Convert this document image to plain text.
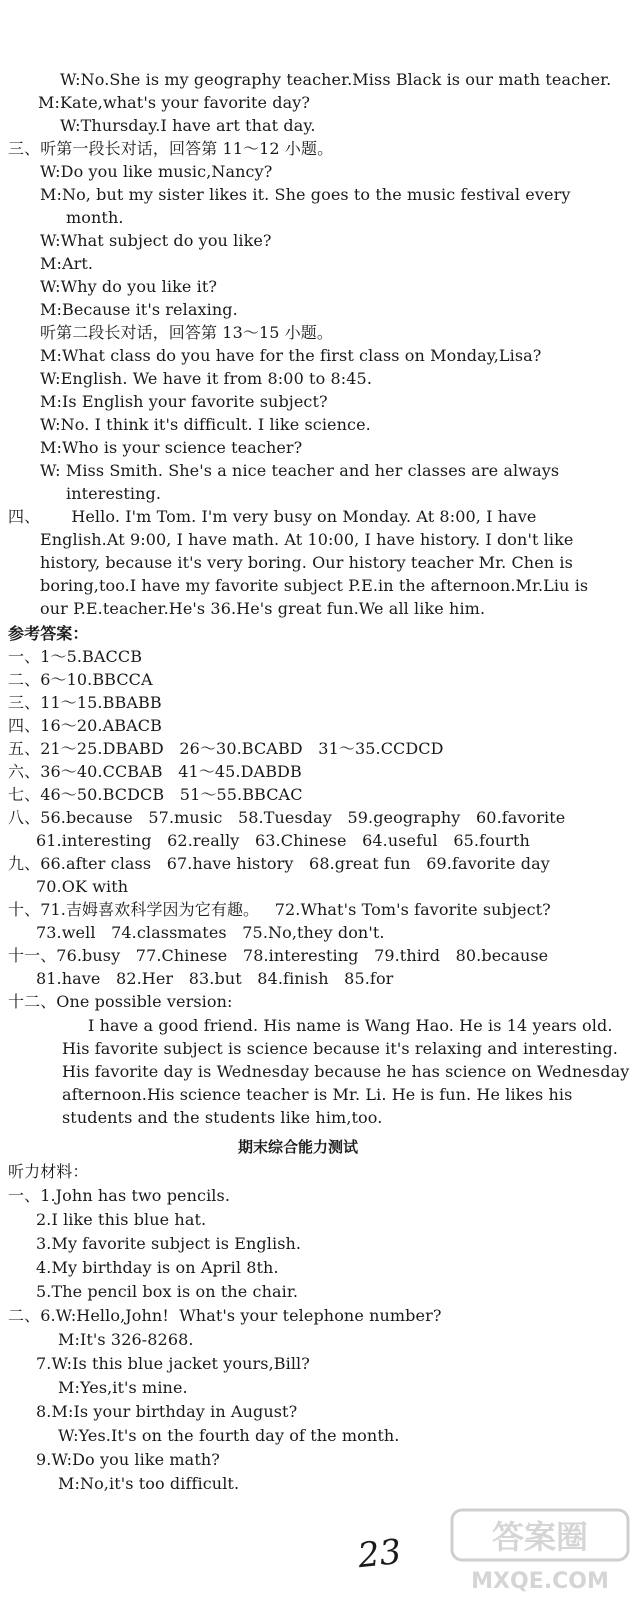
W:No.She is my geography teacher.Miss Black is our math teacher.
M:Kate,what's your favorite day?
W:Thursday.I have art that day.
三、听第一段长对话，回答第 11～12 小题。
W:Do you like music,Nancy?
M:No, but my sister likes it. She goes to the music festival every
month.
W:What subject do you like?
M:Art.
W:Why do you like it?
M:Because it's relaxing.
听第二段长对话，回答第 13～15 小题。
M:What class do you have for the first class on Monday,Lisa?
W:English. We have it from 8:00 to 8:45.
M:Is English your favorite subject?
W:No. I think it's difficult. I like science.
M:Who is your science teacher?
W: Miss Smith. She's a nice teacher and her classes are always
interesting.
四、      Hello. I'm Tom. I'm very busy on Monday. At 8:00, I have
English.At 9:00, I have math. At 10:00, I have history. I don't like
history, because it's very boring. Our history teacher Mr. Chen is
boring,too.I have my favorite subject P.E.in the afternoon.Mr.Liu is
our P.E.teacher.He's 36.He's great fun.We all like him.
参考答案：
一、1～5.BACCB
二、6～10.BBCCA
三、11～15.BBABB
四、16～20.ABACB
五、21～25.DBABD   26～30.BCABD   31～35.CCDCD
六、36～40.CCBAB   41～45.DABDB
七、46～50.BCDCB   51～55.BBCAC
八、56.because   57.music   58.Tuesday   59.geography   60.favorite
61.interesting   62.really   63.Chinese   64.useful   65.fourth
九、66.after class   67.have history   68.great fun   69.favorite day
70.OK with
十、71.吉姆喜欢科学因为它有趣。   72.What's Tom's favorite subject?
73.well   74.classmates   75.No,they don't.
十一、76.busy   77.Chinese   78.interesting   79.third   80.because
81.have   82.Her   83.but   84.finish   85.for
十二、One possible version:
I have a good friend. His name is Wang Hao. He is 14 years old.
His favorite subject is science because it's relaxing and interesting.
His favorite day is Wednesday because he has science on Wednesday
afternoon.His science teacher is Mr. Li. He is fun. He likes his
students and the students like him,too.
期末综合能力测试
听力材料：
一、1.John has two pencils.
2.I like this blue hat.
3.My favorite subject is English.
4.My birthday is on April 8th.
5.The pencil box is on the chair.
二、6.W:Hello,John!  What's your telephone number?
M:It's 326-8268.
7.W:Is this blue jacket yours,Bill?
M:Yes,it's mine.
8.M:Is your birthday in August?
W:Yes.It's on the fourth day of the month.
9.W:Do you like math?
M:No,it's too difficult.
23	答案圈
MXQE.COM
